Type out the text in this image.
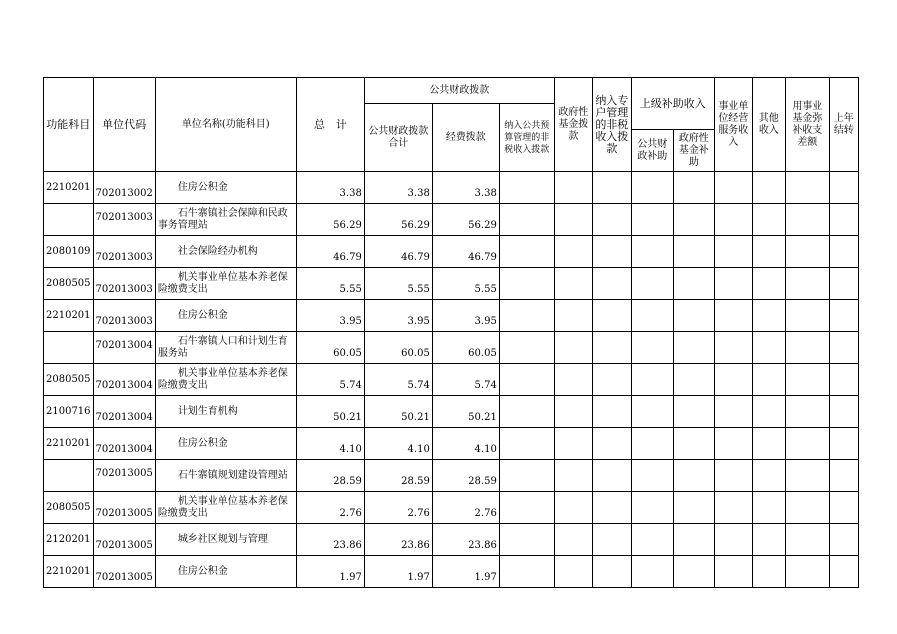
功能科目	单位代码	单位名称(功能科目)	总　计	公共财政拨款			政府性基金拨款	纳入专户管理的非税收入拨款	上级补助收入		事业单位经营服务收入	其他收入	用事业基金弥补收支差额	上年结转
				公共财政拨款合计	经费拨款	纳入公共预算管理的非税收入拨款								
									公共财政补助	政府性基金补助				
2210201	702013002	住房公积金	3.38	3.38	3.38									
	702013003	石牛寨镇社会保障和民政事务管理站	56.29	56.29	56.29									
2080109	702013003	社会保险经办机构	46.79	46.79	46.79									
2080505	702013003	机关事业单位基本养老保险缴费支出	5.55	5.55	5.55									
2210201	702013003	住房公积金	3.95	3.95	3.95									
	702013004	石牛寨镇人口和计划生育服务站	60.05	60.05	60.05									
2080505	702013004	机关事业单位基本养老保险缴费支出	5.74	5.74	5.74									
2100716	702013004	计划生育机构	50.21	50.21	50.21									
2210201	702013004	住房公积金	4.10	4.10	4.10									
	702013005	石牛寨镇规划建设管理站	28.59	28.59	28.59									
2080505	702013005	机关事业单位基本养老保险缴费支出	2.76	2.76	2.76									
2120201	702013005	城乡社区规划与管理	23.86	23.86	23.86									
2210201	702013005	住房公积金	1.97	1.97	1.97									
